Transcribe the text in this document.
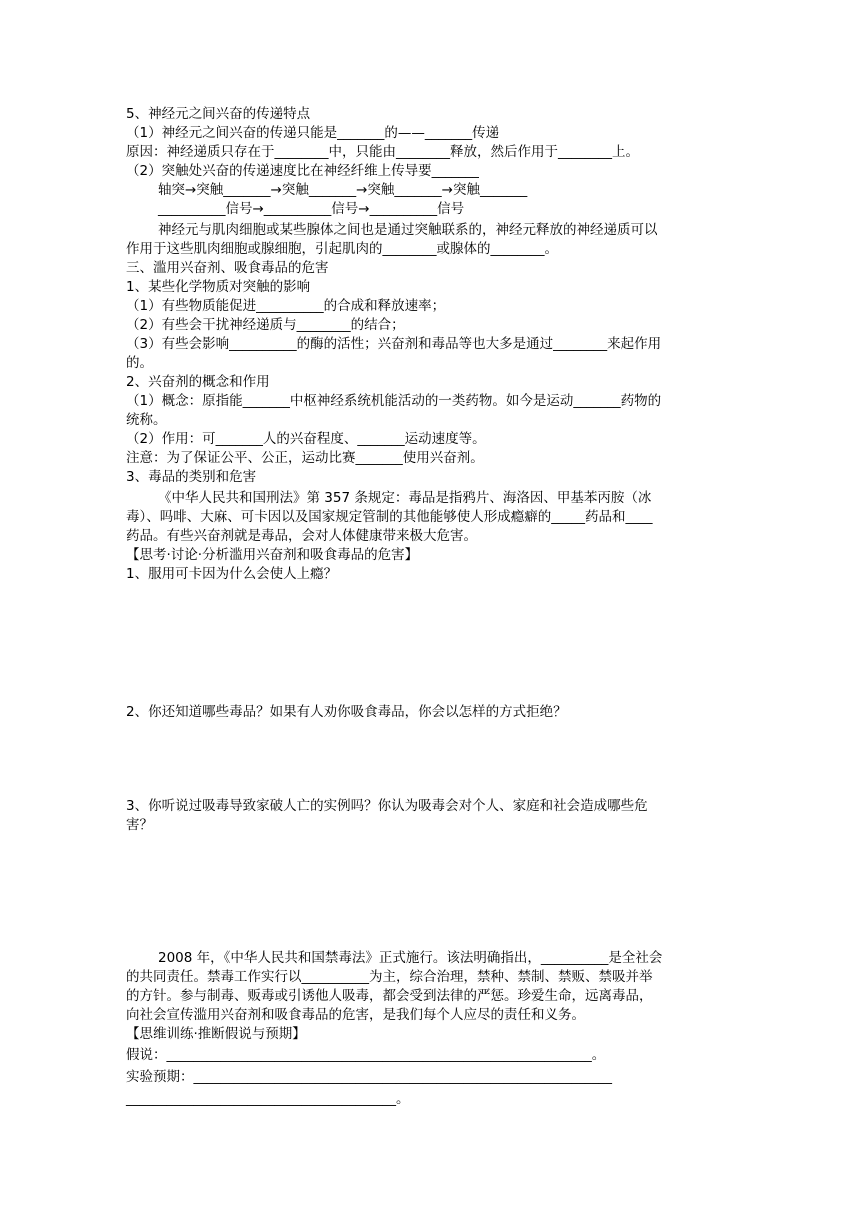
5、神经元之间兴奋的传递特点
（1）神经元之间兴奋的传递只能是_______的——_______传递
原因：神经递质只存在于________中，只能由________释放，然后作用于________上。
（2）突触处兴奋的传递速度比在神经纤维上传导要_______
轴突→突触_______→突触_______→突触_______→突触_______
__________信号→__________信号→__________信号
神经元与肌肉细胞或某些腺体之间也是通过突触联系的，神经元释放的神经递质可以
作用于这些肌肉细胞或腺细胞，引起肌肉的________或腺体的________。
三、滥用兴奋剂、吸食毒品的危害
1、某些化学物质对突触的影响
（1）有些物质能促进__________的合成和释放速率；
（2）有些会干扰神经递质与________的结合；
（3）有些会影响__________的酶的活性；兴奋剂和毒品等也大多是通过________来起作用
的。
2、兴奋剂的概念和作用
（1）概念：原指能_______中枢神经系统机能活动的一类药物。如今是运动_______药物的
统称。
（2）作用：可_______人的兴奋程度、_______运动速度等。
注意：为了保证公平、公正，运动比赛_______使用兴奋剂。
3、毒品的类别和危害
《中华人民共和国刑法》第 357 条规定：毒品是指鸦片、海洛因、甲基苯丙胺（冰
毒）、吗啡、大麻、可卡因以及国家规定管制的其他能够使人形成瘾癖的_____药品和____
药品。有些兴奋剂就是毒品，会对人体健康带来极大危害。
【思考·讨论·分析滥用兴奋剂和吸食毒品的危害】
1、服用可卡因为什么会使人上瘾？
2、你还知道哪些毒品？如果有人劝你吸食毒品，你会以怎样的方式拒绝？
3、你听说过吸毒导致家破人亡的实例吗？你认为吸毒会对个人、家庭和社会造成哪些危
害？
2008 年，《中华人民共和国禁毒法》正式施行。该法明确指出，__________是全社会
的共同责任。禁毒工作实行以__________为主，综合治理，禁种、禁制、禁贩、禁吸并举
的方针。参与制毒、贩毒或引诱他人吸毒，都会受到法律的严惩。珍爱生命，远离毒品，
向社会宣传滥用兴奋剂和吸食毒品的危害，是我们每个人应尽的责任和义务。
【思维训练·推断假说与预期】
假说：_______________________________________________________________。
实验预期：______________________________________________________________
________________________________________。
